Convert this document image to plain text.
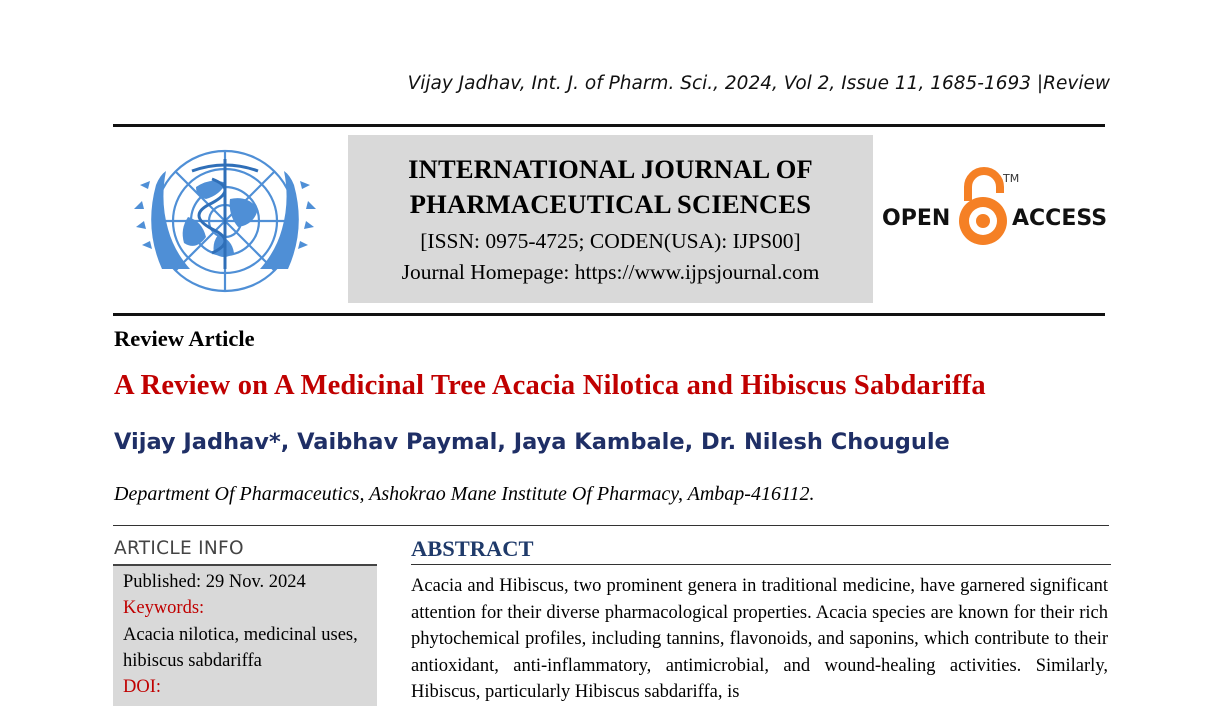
Vijay Jadhav, Int. J. of Pharm. Sci., 2024, Vol 2, Issue 11, 1685-1693 |Review
INTERNATIONAL JOURNAL OF
PHARMACEUTICAL SCIENCES
[ISSN: 0975-4725; CODEN(USA): IJPS00]
Journal Homepage: https://www.ijpsjournal.com
OPEN	ACCESS
TM
Review Article
A Review on A Medicinal Tree Acacia Nilotica and Hibiscus Sabdariffa
Vijay Jadhav*, Vaibhav Paymal, Jaya Kambale, Dr. Nilesh Chougule
Department Of Pharmaceutics, Ashokrao Mane Institute Of Pharmacy, Ambap-416112.
ARTICLE INFO
Published: 29 Nov. 2024
Keywords:
Acacia nilotica, medicinal uses, hibiscus sabdariffa
DOI:
ABSTRACT
Acacia and Hibiscus, two prominent genera in traditional medicine, have garnered significant attention for their diverse pharmacological properties. Acacia species are known for their rich phytochemical profiles, including tannins, flavonoids, and saponins, which contribute to their antioxidant, anti-inflammatory, antimicrobial, and wound-healing activities. Similarly, Hibiscus, particularly Hibiscus sabdariffa, is
